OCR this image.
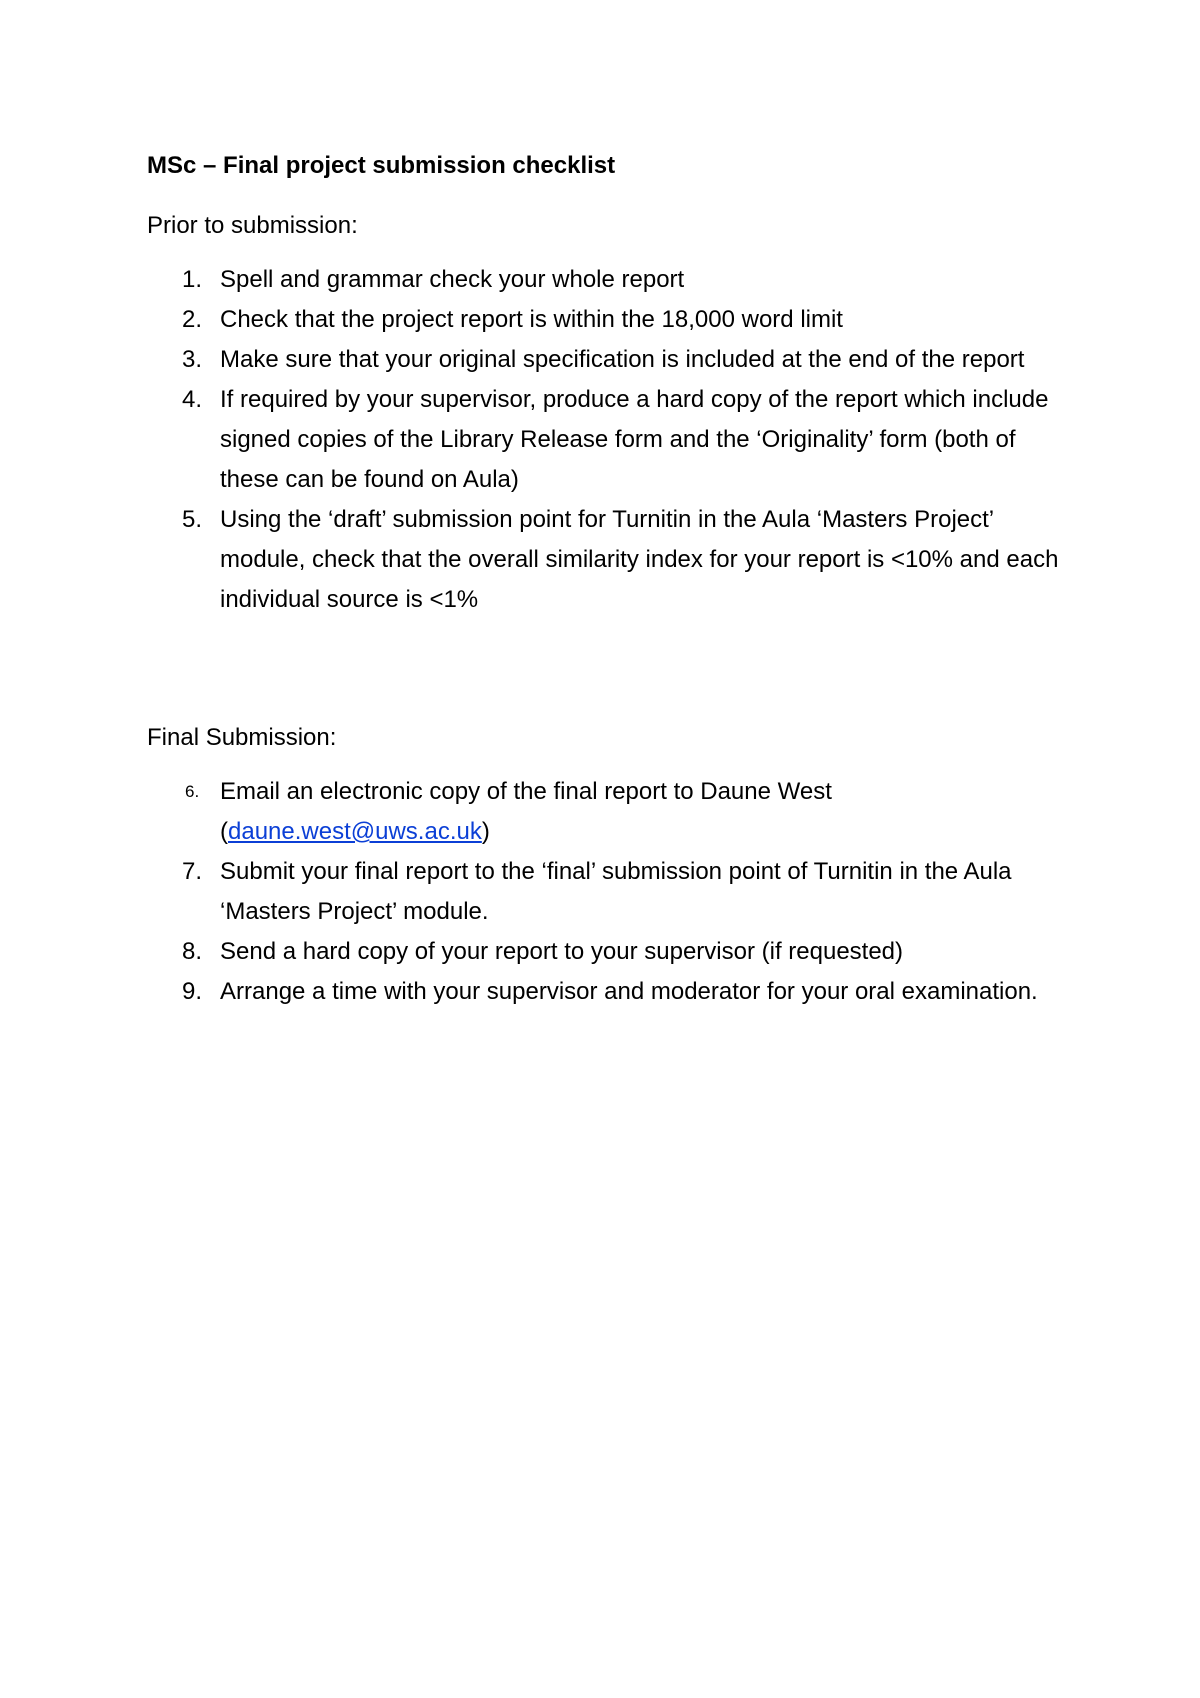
MSc – Final project submission checklist
Prior to submission:
1. Spell and grammar check your whole report
2. Check that the project report is within the 18,000 word limit
3. Make sure that your original specification is included at the end of the report
4. If required by your supervisor, produce a hard copy of the report which include signed copies of the Library Release form and the ‘Originality’ form (both of these can be found on Aula)
5. Using the ‘draft’ submission point for Turnitin in the Aula ‘Masters Project’ module, check that the overall similarity index for your report is <10% and each individual source is <1%
Final Submission:
6. Email an electronic copy of the final report to Daune West (daune.west@uws.ac.uk)
7. Submit your final report to the ‘final’ submission point of Turnitin in the Aula ‘Masters Project’ module.
8. Send a hard copy of your report to your supervisor (if requested)
9. Arrange a time with your supervisor and moderator for your oral examination.
